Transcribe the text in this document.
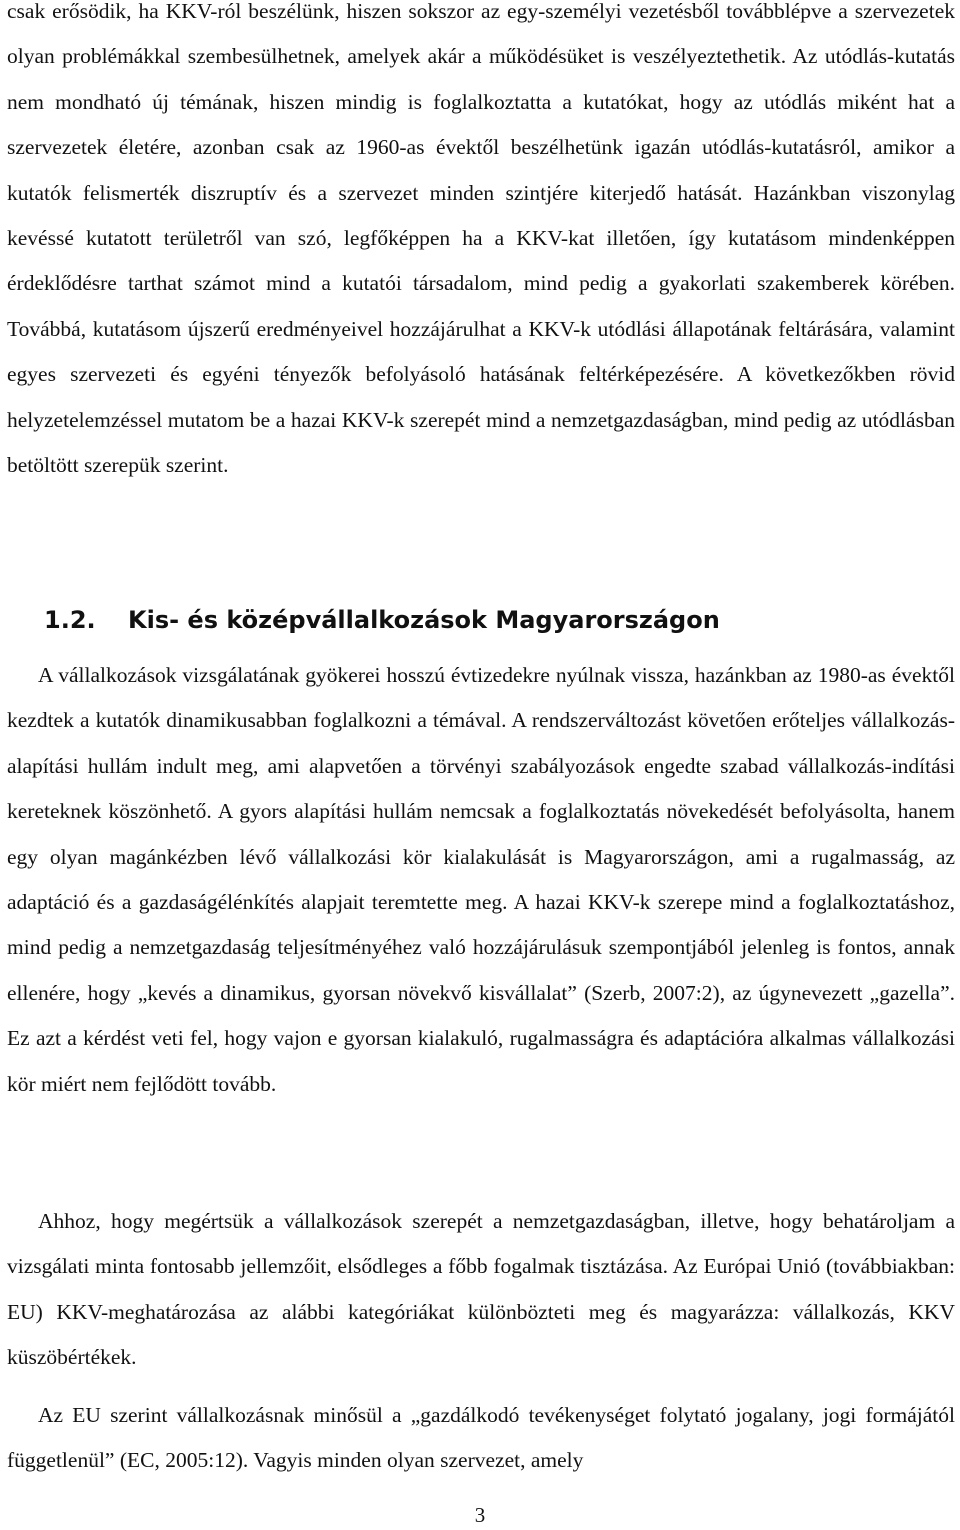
csak erősödik, ha KKV-ról beszélünk, hiszen sokszor az egy-személyi vezetésből továbblépve a szervezetek olyan problémákkal szembesülhetnek, amelyek akár a működésüket is veszélyeztethetik. Az utódlás-kutatás nem mondható új témának, hiszen mindig is foglalkoztatta a kutatókat, hogy az utódlás miként hat a szervezetek életére, azonban csak az 1960-as évektől beszélhetünk igazán utódlás-kutatásról, amikor a kutatók felismerték diszruptív és a szervezet minden szintjére kiterjedő hatását. Hazánkban viszonylag kevéssé kutatott területről van szó, legfőképpen ha a KKV-kat illetően, így kutatásom mindenképpen érdeklődésre tarthat számot mind a kutatói társadalom, mind pedig a gyakorlati szakemberek körében. Továbbá, kutatásom újszerű eredményeivel hozzájárulhat a KKV-k utódlási állapotának feltárására, valamint egyes szervezeti és egyéni tényezők befolyásoló hatásának feltérképezésére. A következőkben rövid helyzetelemzéssel mutatom be a hazai KKV-k szerepét mind a nemzetgazdaságban, mind pedig az utódlásban betöltött szerepük szerint.

1.2. Kis- és középvállalkozások Magyarországon

A vállalkozások vizsgálatának gyökerei hosszú évtizedekre nyúlnak vissza, hazánkban az 1980-as évektől kezdtek a kutatók dinamikusabban foglalkozni a témával. A rendszerváltozást követően erőteljes vállalkozás-alapítási hullám indult meg, ami alapvetően a törvényi szabályozások engedte szabad vállalkozás-indítási kereteknek köszönhető. A gyors alapítási hullám nemcsak a foglalkoztatás növekedését befolyásolta, hanem egy olyan magánkézben lévő vállalkozási kör kialakulását is Magyarországon, ami a rugalmasság, az adaptáció és a gazdaságélénkítés alapjait teremtette meg. A hazai KKV-k szerepe mind a foglalkoztatáshoz, mind pedig a nemzetgazdaság teljesítményéhez való hozzájárulásuk szempontjából jelenleg is fontos, annak ellenére, hogy „kevés a dinamikus, gyorsan növekvő kisvállalat” (Szerb, 2007:2), az úgynevezett „gazella”. Ez azt a kérdést veti fel, hogy vajon e gyorsan kialakuló, rugalmasságra és adaptációra alkalmas vállalkozási kör miért nem fejlődött tovább.

Ahhoz, hogy megértsük a vállalkozások szerepét a nemzetgazdaságban, illetve, hogy behatároljam a vizsgálati minta fontosabb jellemzőit, elsődleges a főbb fogalmak tisztázása. Az Európai Unió (továbbiakban: EU) KKV-meghatározása az alábbi kategóriákat különbözteti meg és magyarázza: vállalkozás, KKV küszöbértékek.

Az EU szerint vállalkozásnak minősül a „gazdálkodó tevékenységet folytató jogalany, jogi formájától függetlenül” (EC, 2005:12). Vagyis minden olyan szervezet, amely

3
